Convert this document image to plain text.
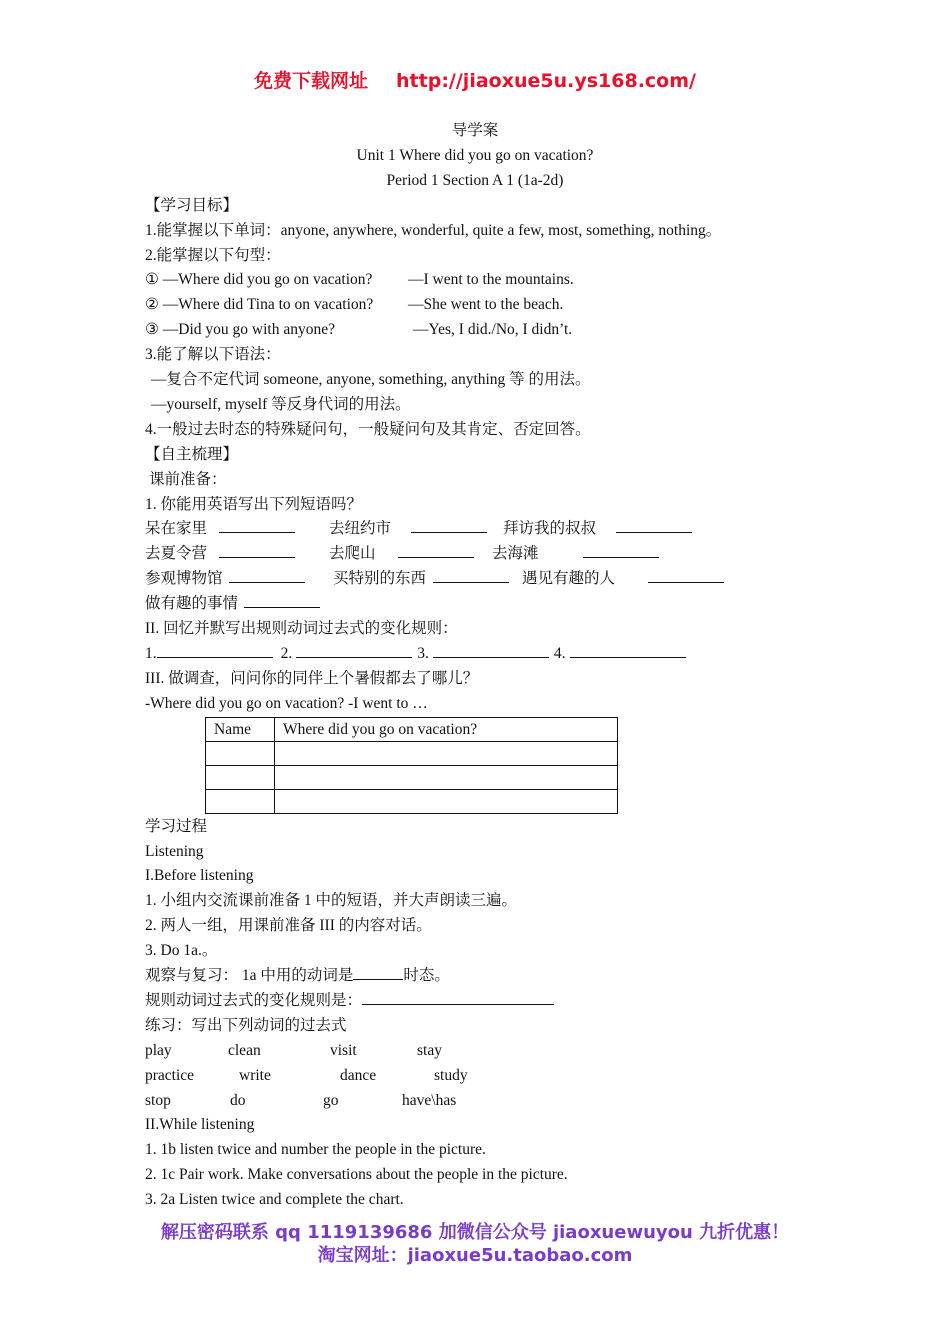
免费下载网址 http://jiaoxue5u.ys168.com/
导学案
Unit 1 Where did you go on vacation?
Period 1 Section A 1 (1a-2d)
【学习目标】
1.能掌握以下单词：anyone, anywhere, wonderful, quite a few, most, something, nothing。
2.能掌握以下句型：
① —Where did you go on vacation? —I went to the mountains.
② —Where did Tina to on vacation? —She went to the beach.
③ —Did you go with anyone?	—Yes, I did./No, I didn’t.
3.能了解以下语法：
—复合不定代词 someone, anyone, something, anything 等 的用法。
—yourself, myself 等反身代词的用法。
4.一般过去时态的特殊疑问句，一般疑问句及其肯定、否定回答。
【自主梳理】
课前准备：
1. 你能用英语写出下列短语吗？
呆在家里	去纽约市	拜访我的叔叔
去夏令营	去爬山	去海滩
参观博物馆	买特别的东西	遇见有趣的人
做有趣的事情
II. 回忆并默写出规则动词过去式的变化规则：
1.	2.	3.	4.
III. 做调查，问问你的同伴上个暑假都去了哪儿？
-Where did you go on vacation? -I went to …
Name	Where did you go on vacation?

学习过程
Listening
I.Before listening
1. 小组内交流课前准备 1 中的短语，并大声朗读三遍。
2. 两人一组，用课前准备 III 的内容对话。
3. Do 1a.。
观察与复习： 1a 中用的动词是	时态。
规则动词过去式的变化规则是：
练习：写出下列动词的过去式
play	clean	visit	stay
practice	write	dance	study
stop	do	go	have\has
II.While listening
1. 1b listen twice and number the people in the picture.
2. 1c Pair work. Make conversations about the people in the picture.
3. 2a Listen twice and complete the chart.
解压密码联系 qq 1119139686 加微信公众号 jiaoxuewuyou 九折优惠！
淘宝网址：jiaoxue5u.taobao.com
